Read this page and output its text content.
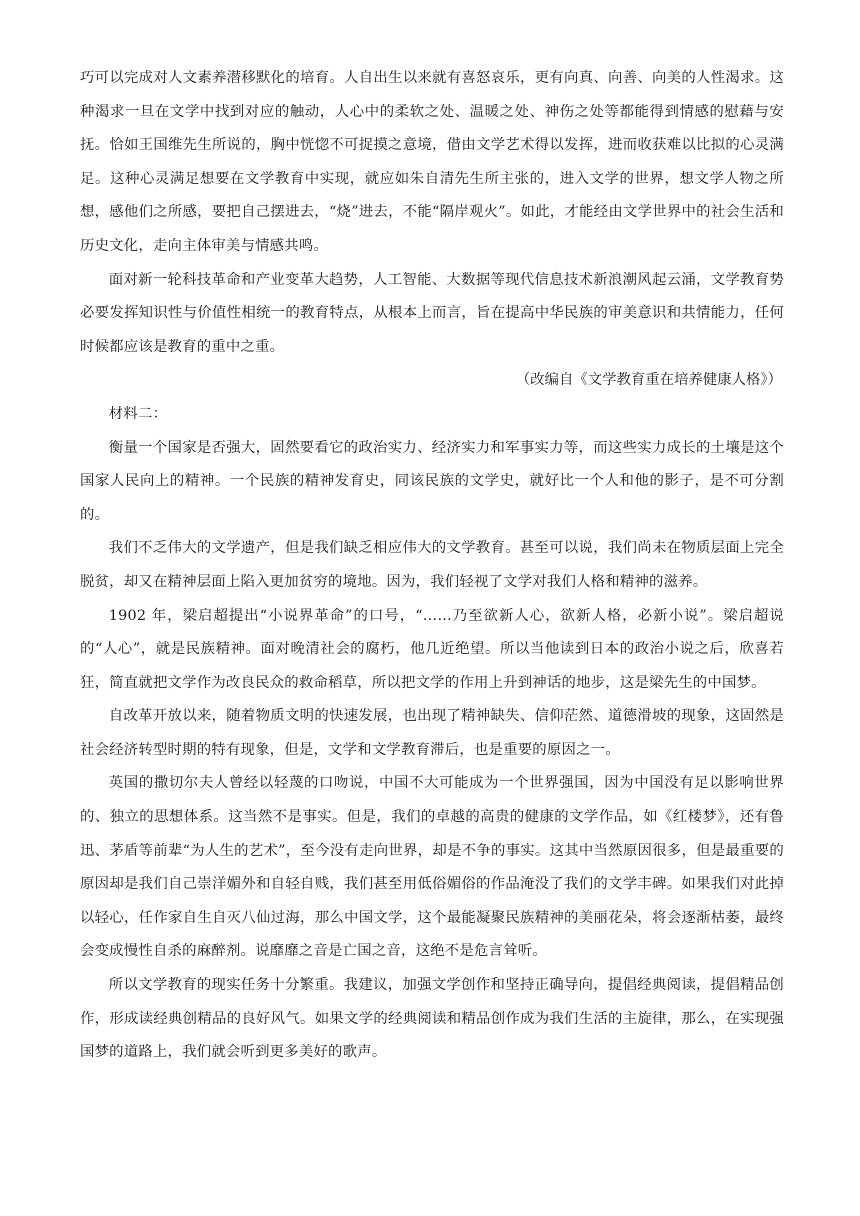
巧可以完成对人文素养潜移默化的培育。人自出生以来就有喜怒哀乐，更有向真、向善、向美的人性渴求。这种渴求一旦在文学中找到对应的触动，人心中的柔软之处、温暖之处、神伤之处等都能得到情感的慰藉与安抚。恰如王国维先生所说的，胸中恍惚不可捉摸之意境，借由文学艺术得以发挥，进而收获难以比拟的心灵满足。这种心灵满足想要在文学教育中实现，就应如朱自清先生所主张的，进入文学的世界，想文学人物之所想，感他们之所感，要把自己摆进去，“烧”进去，不能“隔岸观火”。如此，才能经由文学世界中的社会生活和历史文化，走向主体审美与情感共鸣。

面对新一轮科技革命和产业变革大趋势，人工智能、大数据等现代信息技术新浪潮风起云涌，文学教育势必要发挥知识性与价值性相统一的教育特点，从根本上而言，旨在提高中华民族的审美意识和共情能力，任何时候都应该是教育的重中之重。

（改编自《文学教育重在培养健康人格》）

材料二：

衡量一个国家是否强大，固然要看它的政治实力、经济实力和军事实力等，而这些实力成长的土壤是这个国家人民向上的精神。一个民族的精神发育史，同该民族的文学史，就好比一个人和他的影子，是不可分割的。

我们不乏伟大的文学遗产，但是我们缺乏相应伟大的文学教育。甚至可以说，我们尚未在物质层面上完全脱贫，却又在精神层面上陷入更加贫穷的境地。因为，我们轻视了文学对我们人格和精神的滋养。

1902 年，梁启超提出“小说界革命”的口号，“……乃至欲新人心，欲新人格，必新小说”。梁启超说的“人心”，就是民族精神。面对晚清社会的腐朽，他几近绝望。所以当他读到日本的政治小说之后，欣喜若狂，简直就把文学作为改良民众的救命稻草，所以把文学的作用上升到神话的地步，这是梁先生的中国梦。

自改革开放以来，随着物质文明的快速发展，也出现了精神缺失、信仰茫然、道德滑坡的现象，这固然是社会经济转型时期的特有现象，但是，文学和文学教育滞后，也是重要的原因之一。

英国的撒切尔夫人曾经以轻蔑的口吻说，中国不大可能成为一个世界强国，因为中国没有足以影响世界的、独立的思想体系。这当然不是事实。但是，我们的卓越的高贵的健康的文学作品，如《红楼梦》，还有鲁迅、茅盾等前辈“为人生的艺术”，至今没有走向世界，却是不争的事实。这其中当然原因很多，但是最重要的原因却是我们自己崇洋媚外和自轻自贱，我们甚至用低俗媚俗的作品淹没了我们的文学丰碑。如果我们对此掉以轻心，任作家自生自灭八仙过海，那么中国文学，这个最能凝聚民族精神的美丽花朵，将会逐渐枯萎，最终会变成慢性自杀的麻醉剂。说靡靡之音是亡国之音，这绝不是危言耸听。

所以文学教育的现实任务十分繁重。我建议，加强文学创作和坚持正确导向，提倡经典阅读，提倡精品创作，形成读经典创精品的良好风气。如果文学的经典阅读和精品创作成为我们生活的主旋律，那么，在实现强国梦的道路上，我们就会听到更多美好的歌声。
